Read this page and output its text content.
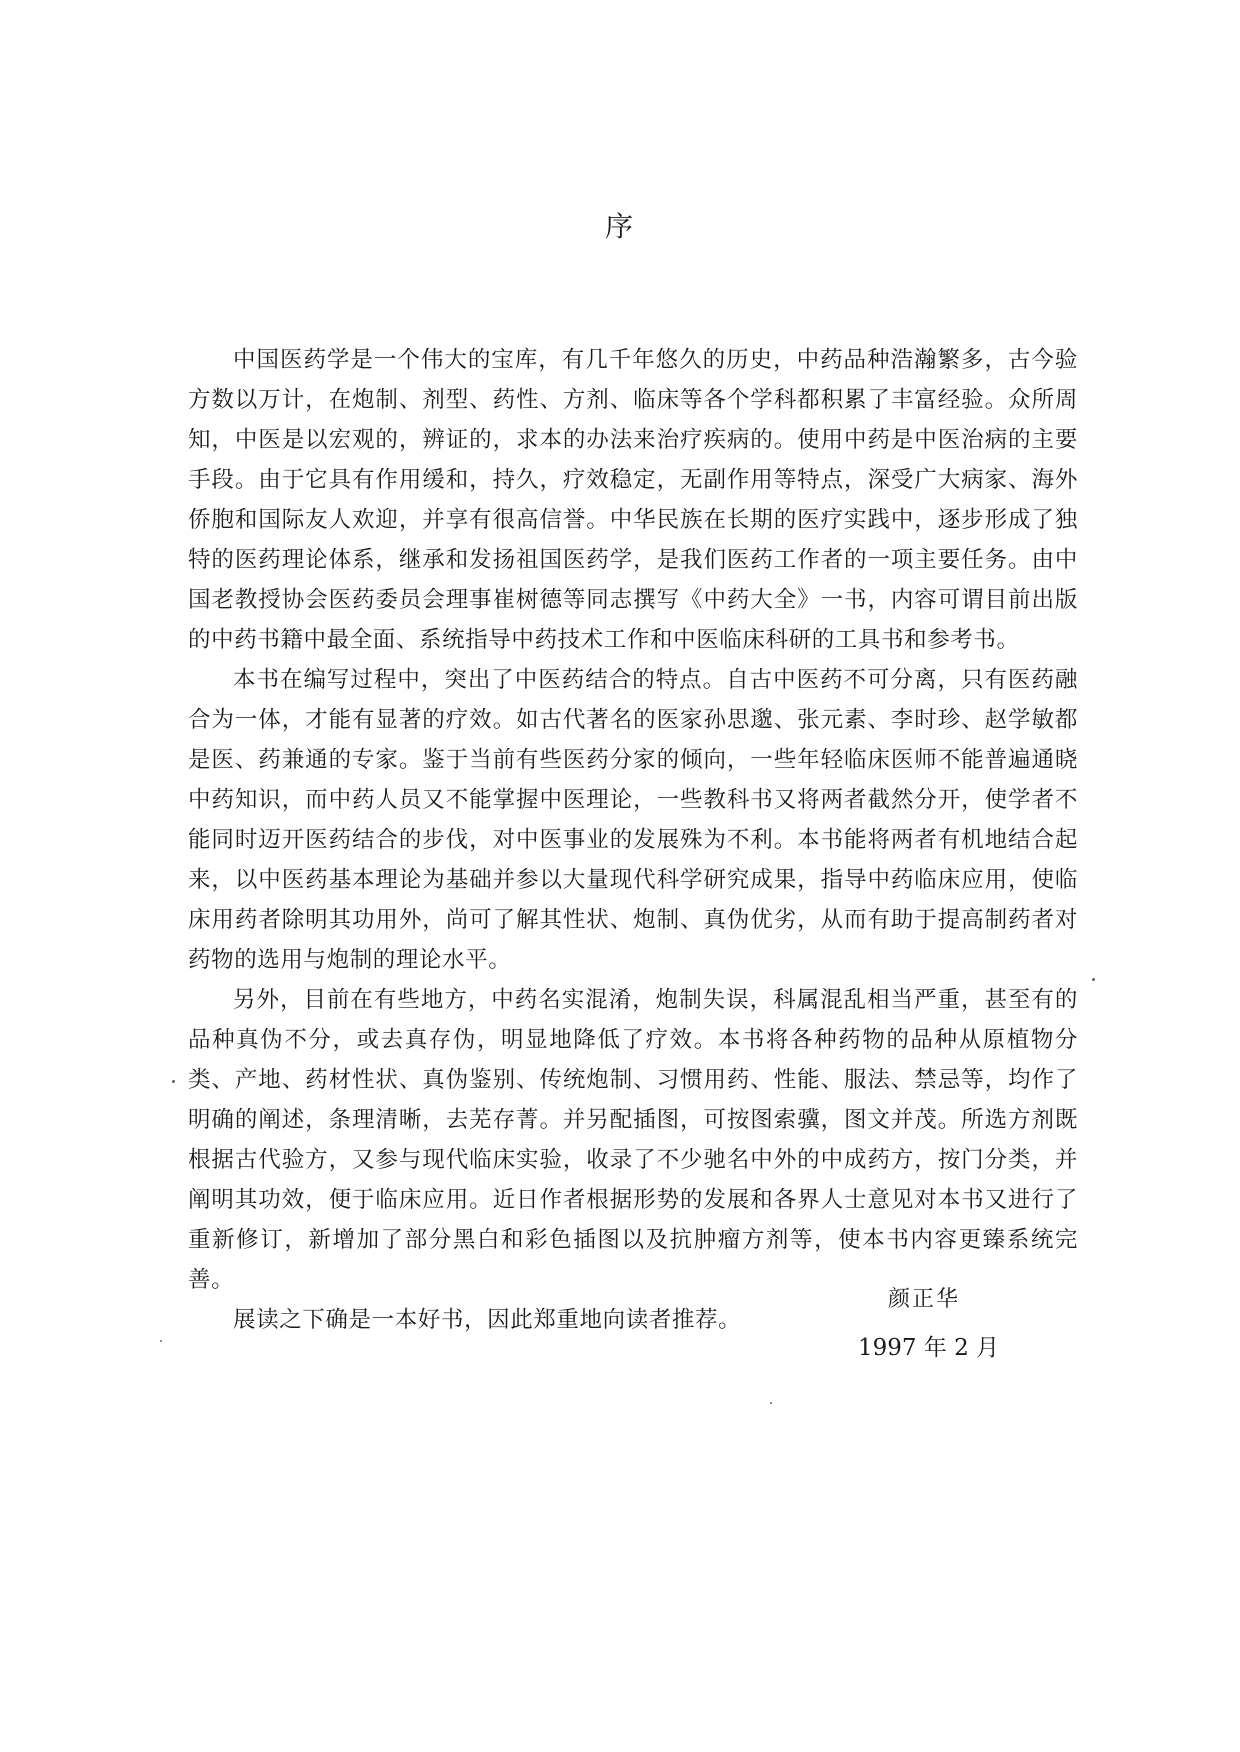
序

中国医药学是一个伟大的宝库，有几千年悠久的历史，中药品种浩瀚繁多，古今验方数以万计，在炮制、剂型、药性、方剂、临床等各个学科都积累了丰富经验。众所周知，中医是以宏观的，辨证的，求本的办法来治疗疾病的。使用中药是中医治病的主要手段。由于它具有作用缓和，持久，疗效稳定，无副作用等特点，深受广大病家、海外侨胞和国际友人欢迎，并享有很高信誉。中华民族在长期的医疗实践中，逐步形成了独特的医药理论体系，继承和发扬祖国医药学，是我们医药工作者的一项主要任务。由中国老教授协会医药委员会理事崔树德等同志撰写《中药大全》一书，内容可谓目前出版的中药书籍中最全面、系统指导中药技术工作和中医临床科研的工具书和参考书。

本书在编写过程中，突出了中医药结合的特点。自古中医药不可分离，只有医药融合为一体，才能有显著的疗效。如古代著名的医家孙思邈、张元素、李时珍、赵学敏都是医、药兼通的专家。鉴于当前有些医药分家的倾向，一些年轻临床医师不能普遍通晓中药知识，而中药人员又不能掌握中医理论，一些教科书又将两者截然分开，使学者不能同时迈开医药结合的步伐，对中医事业的发展殊为不利。本书能将两者有机地结合起来，以中医药基本理论为基础并参以大量现代科学研究成果，指导中药临床应用，使临床用药者除明其功用外，尚可了解其性状、炮制、真伪优劣，从而有助于提高制药者对药物的选用与炮制的理论水平。

另外，目前在有些地方，中药名实混淆，炮制失误，科属混乱相当严重，甚至有的品种真伪不分，或去真存伪，明显地降低了疗效。本书将各种药物的品种从原植物分类、产地、药材性状、真伪鉴别、传统炮制、习惯用药、性能、服法、禁忌等，均作了明确的阐述，条理清晰，去芜存菁。并另配插图，可按图索骥，图文并茂。所选方剂既根据古代验方，又参与现代临床实验，收录了不少驰名中外的中成药方，按门分类，并阐明其功效，便于临床应用。近日作者根据形势的发展和各界人士意见对本书又进行了重新修订，新增加了部分黑白和彩色插图以及抗肿瘤方剂等，使本书内容更臻系统完善。

展读之下确是一本好书，因此郑重地向读者推荐。

颜正华
1997 年 2 月
